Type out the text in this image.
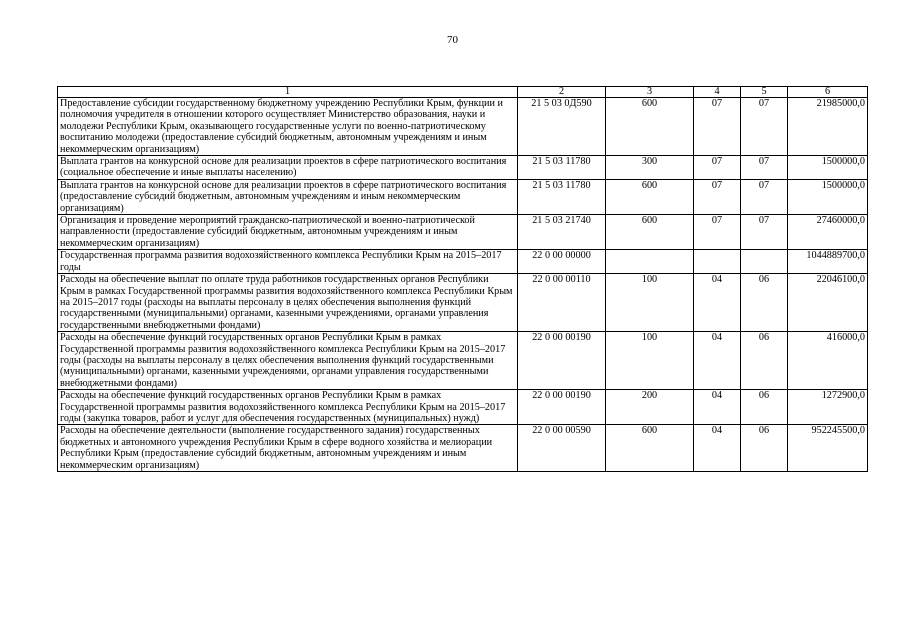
70
1	2	3	4	5	6
Предоставление субсидии государственному бюджетному учреждению Республики Крым, функции и полномочия учредителя в отношении которого осуществляет Министерство образования, науки и молодежи Республики Крым, оказывающего государственные услуги по военно-патриотическому воспитанию молодежи (предоставление субсидий бюджетным, автономным учреждениям и иным некоммерческим организациям)	21 5 03 0Д590	600	07	07	21985000,0
Выплата грантов на конкурсной основе для реализации проектов в сфере патриотического воспитания (социальное обеспечение и иные выплаты населению)	21 5 03 11780	300	07	07	1500000,0
Выплата грантов на конкурсной основе для реализации проектов в сфере патриотического воспитания (предоставление субсидий бюджетным, автономным учреждениям и иным некоммерческим организациям)	21 5 03 11780	600	07	07	1500000,0
Организация и проведение мероприятий гражданско-патриотической и военно-патриотической направленности (предоставление субсидий бюджетным, автономным учреждениям и иным некоммерческим организациям)	21 5 03 21740	600	07	07	27460000,0
Государственная программа развития водохозяйственного комплекса Республики Крым на 2015–2017 годы	22 0 00 00000				1044889700,0
Расходы на обеспечение выплат по оплате труда работников государственных органов Республики Крым в рамках Государственной программы развития водохозяйственного комплекса Республики Крым на 2015–2017 годы (расходы на выплаты персоналу в целях обеспечения выполнения функций государственными (муниципальными) органами, казенными учреждениями, органами управления государственными внебюджетными фондами)	22 0 00 00110	100	04	06	22046100,0
Расходы на обеспечение функций государственных органов Республики Крым в рамках Государственной программы развития водохозяйственного комплекса Республики Крым на 2015–2017 годы (расходы на выплаты персоналу в целях обеспечения выполнения функций государственными (муниципальными) органами, казенными учреждениями, органами управления государственными внебюджетными фондами)	22 0 00 00190	100	04	06	416000,0
Расходы на обеспечение функций государственных органов Республики Крым в рамках Государственной программы развития водохозяйственного комплекса Республики Крым на 2015–2017 годы (закупка товаров, работ и услуг для обеспечения государственных (муниципальных) нужд)	22 0 00 00190	200	04	06	1272900,0
Расходы на обеспечение деятельности (выполнение государственного задания) государственных бюджетных и автономного учреждения Республики Крым в сфере водного хозяйства и мелиорации Республики Крым (предоставление субсидий бюджетным, автономным учреждениям и иным некоммерческим организациям)	22 0 00 00590	600	04	06	952245500,0
